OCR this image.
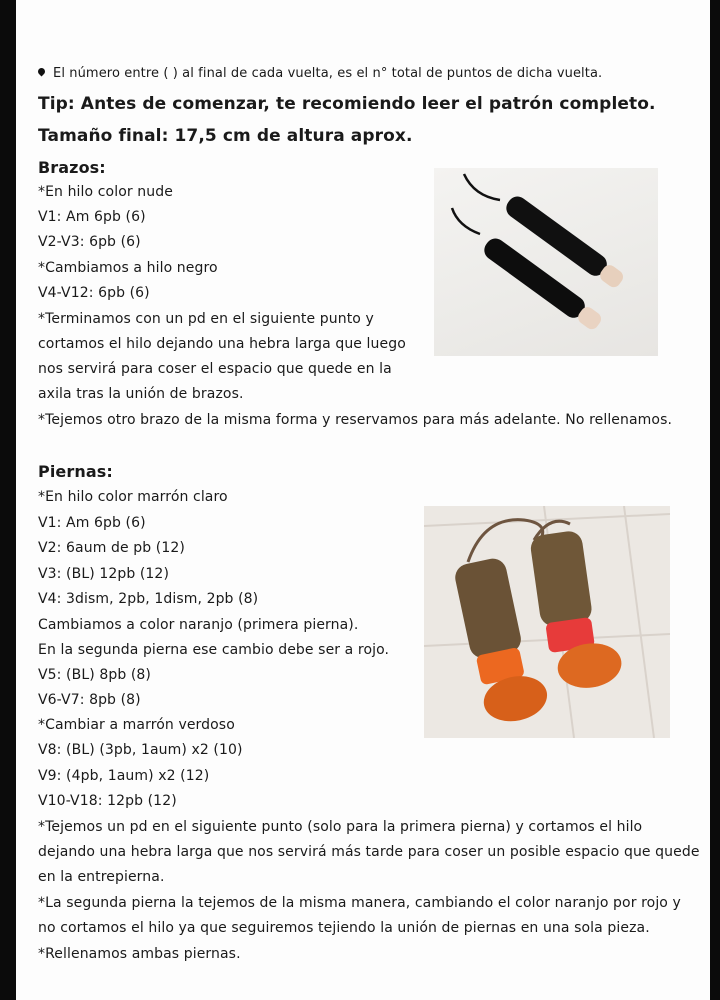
El número entre ( ) al final de cada vuelta, es el n° total de puntos de dicha vuelta.
Tip: Antes de comenzar, te recomiendo leer el patrón completo.
Tamaño final: 17,5 cm de altura aprox.
Brazos:
*En hilo color nude
V1: Am 6pb (6)
V2-V3: 6pb (6)
*Cambiamos a hilo negro
V4-V12: 6pb (6)
*Terminamos con un pd en el siguiente punto y
cortamos el hilo dejando una hebra larga que luego
nos servirá para coser el espacio que quede en la
axila tras la unión de brazos.
*Tejemos otro brazo de la misma forma y reservamos para más adelante. No rellenamos.
Piernas:
*En hilo color marrón claro
V1: Am 6pb (6)
V2: 6aum de pb (12)
V3: (BL) 12pb (12)
V4: 3dism, 2pb, 1dism, 2pb (8)
Cambiamos a color naranjo (primera pierna).
En la segunda pierna ese cambio debe ser a rojo.
V5: (BL) 8pb (8)
V6-V7: 8pb (8)
*Cambiar a marrón verdoso
V8: (BL) (3pb, 1aum) x2 (10)
V9: (4pb, 1aum) x2 (12)
V10-V18: 12pb (12)
*Tejemos un pd en el siguiente punto (solo para la primera pierna) y cortamos el hilo
dejando una hebra larga que nos servirá más tarde para coser un posible espacio que quede
en la entrepierna.
*La segunda pierna la tejemos de la misma manera, cambiando el color naranjo por rojo y
no cortamos el hilo ya que seguiremos tejiendo la unión de piernas en una sola pieza.
*Rellenamos ambas piernas.
